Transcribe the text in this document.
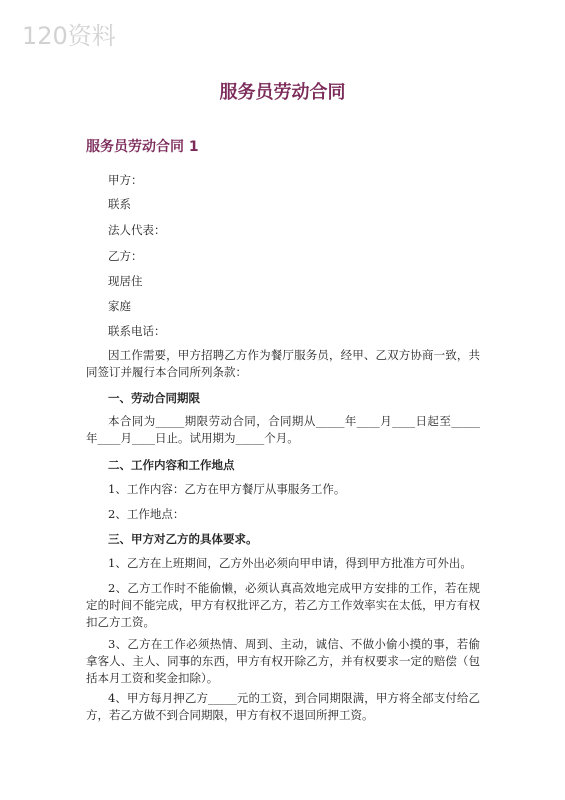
120资料
服务员劳动合同
服务员劳动合同 1
甲方：
联系
法人代表：
乙方：
现居住
家庭
联系电话：
因工作需要，甲方招聘乙方作为餐厅服务员，经甲、乙双方协商一致，共同签订并履行本合同所列条款：
一、劳动合同期限
本合同为_____期限劳动合同，合同期从_____年____月____日起至_____年____月____日止。试用期为_____个月。
二、工作内容和工作地点
1、工作内容：乙方在甲方餐厅从事服务工作。
2、工作地点：
三、甲方对乙方的具体要求。
1、乙方在上班期间，乙方外出必须向甲申请，得到甲方批准方可外出。
2、乙方工作时不能偷懒，必须认真高效地完成甲方安排的工作，若在规定的时间不能完成，甲方有权批评乙方，若乙方工作效率实在太低，甲方有权扣乙方工资。
3、乙方在工作必须热情、周到、主动，诚信、不做小偷小摸的事，若偷拿客人、主人、同事的东西，甲方有权开除乙方，并有权要求一定的赔偿（包括本月工资和奖金扣除）。
4、甲方每月押乙方_____元的工资，到合同期限满，甲方将全部支付给乙方，若乙方做不到合同期限，甲方有权不退回所押工资。
